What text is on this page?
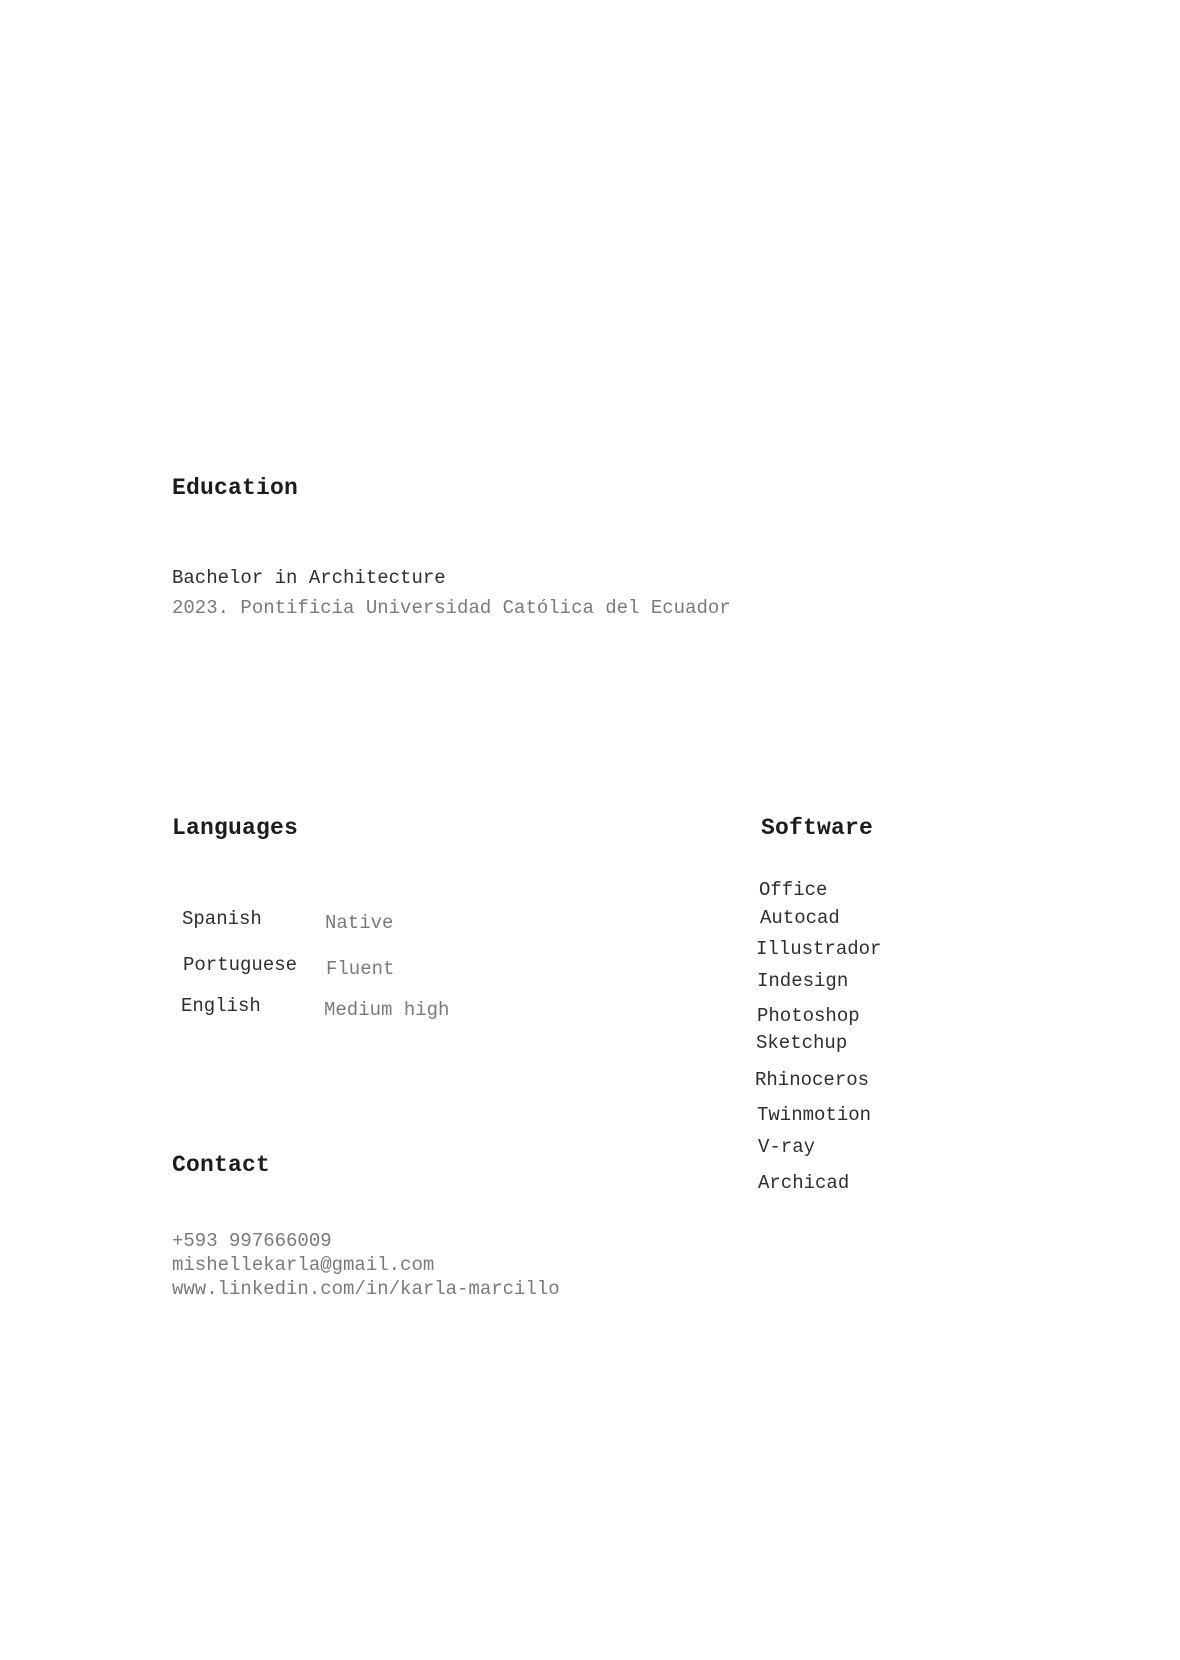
Education
Bachelor in Architecture
2023. Pontificia Universidad Católica del Ecuador
Languages
Spanish	Native
Portuguese Fluent
English	Medium high
Software
Office
Autocad
Illustrador
Indesign
Photoshop
Sketchup
Rhinoceros
Twinmotion
V-ray
Archicad
Contact
+593 997666009
mishellekarla@gmail.com
www.linkedin.com/in/karla-marcillo
